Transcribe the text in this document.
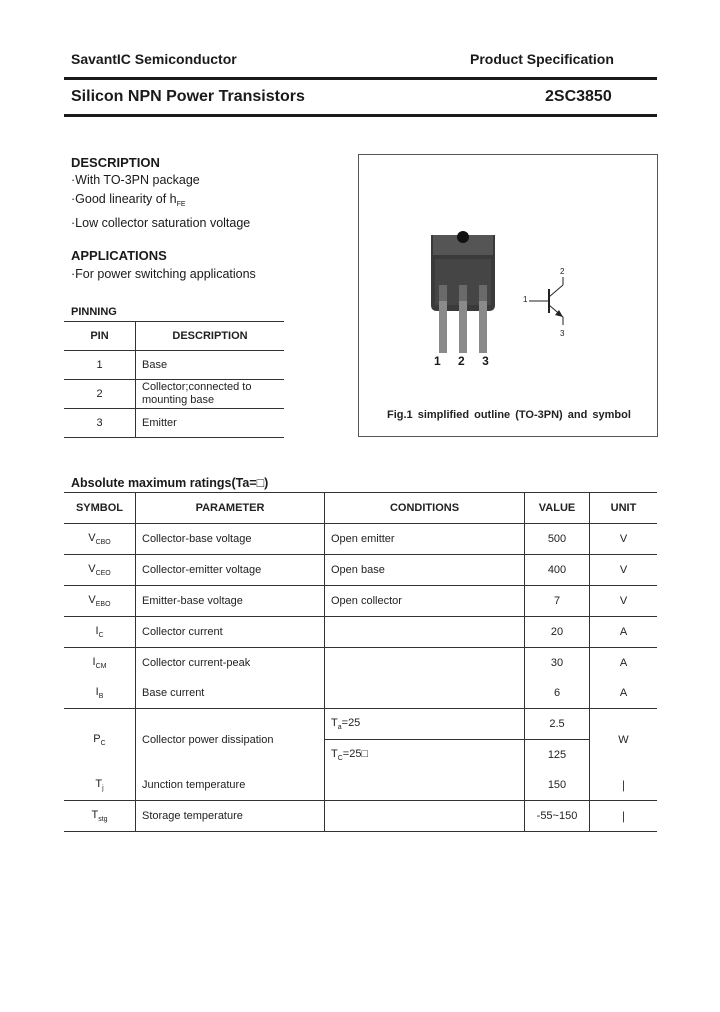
SavantIC Semiconductor	Product Specification
Silicon NPN Power Transistors	2SC3850
DESCRIPTION
·With TO-3PN package
·Good linearity of $h_{FE}$
·Low collector saturation voltage
APPLICATIONS
·For power switching applications
PINNING
PIN	DESCRIPTION
1	Base
2	Collector;connected to mounting base

3	Emitter
1 2 3
1
2
3
Fig.1 simplified outline (TO-3PN) and symbol
Absolute maximum ratings(Ta=□)
SYMBOL	PARAMETER	CONDITIONS	VALUE	UNIT
$V_{CBO}$	Collector-base voltage	Open emitter	500	V
$V_{CEO}$	Collector-emitter voltage	Open base	400	V
$V_{EBO}$	Emitter-base voltage	Open collector	7	V
$I_C$	Collector current		20	A
$I_{CM}$	Collector current-peak		30	A
$I_B$	Base current		6	A
$P_C$	Collector power dissipation	$T_a=25$	2.5	W
		$T_C=25□$	125	
$T_j$	Junction temperature		150	∣
$T_{stg}$	Storage temperature		-55~150	∣
